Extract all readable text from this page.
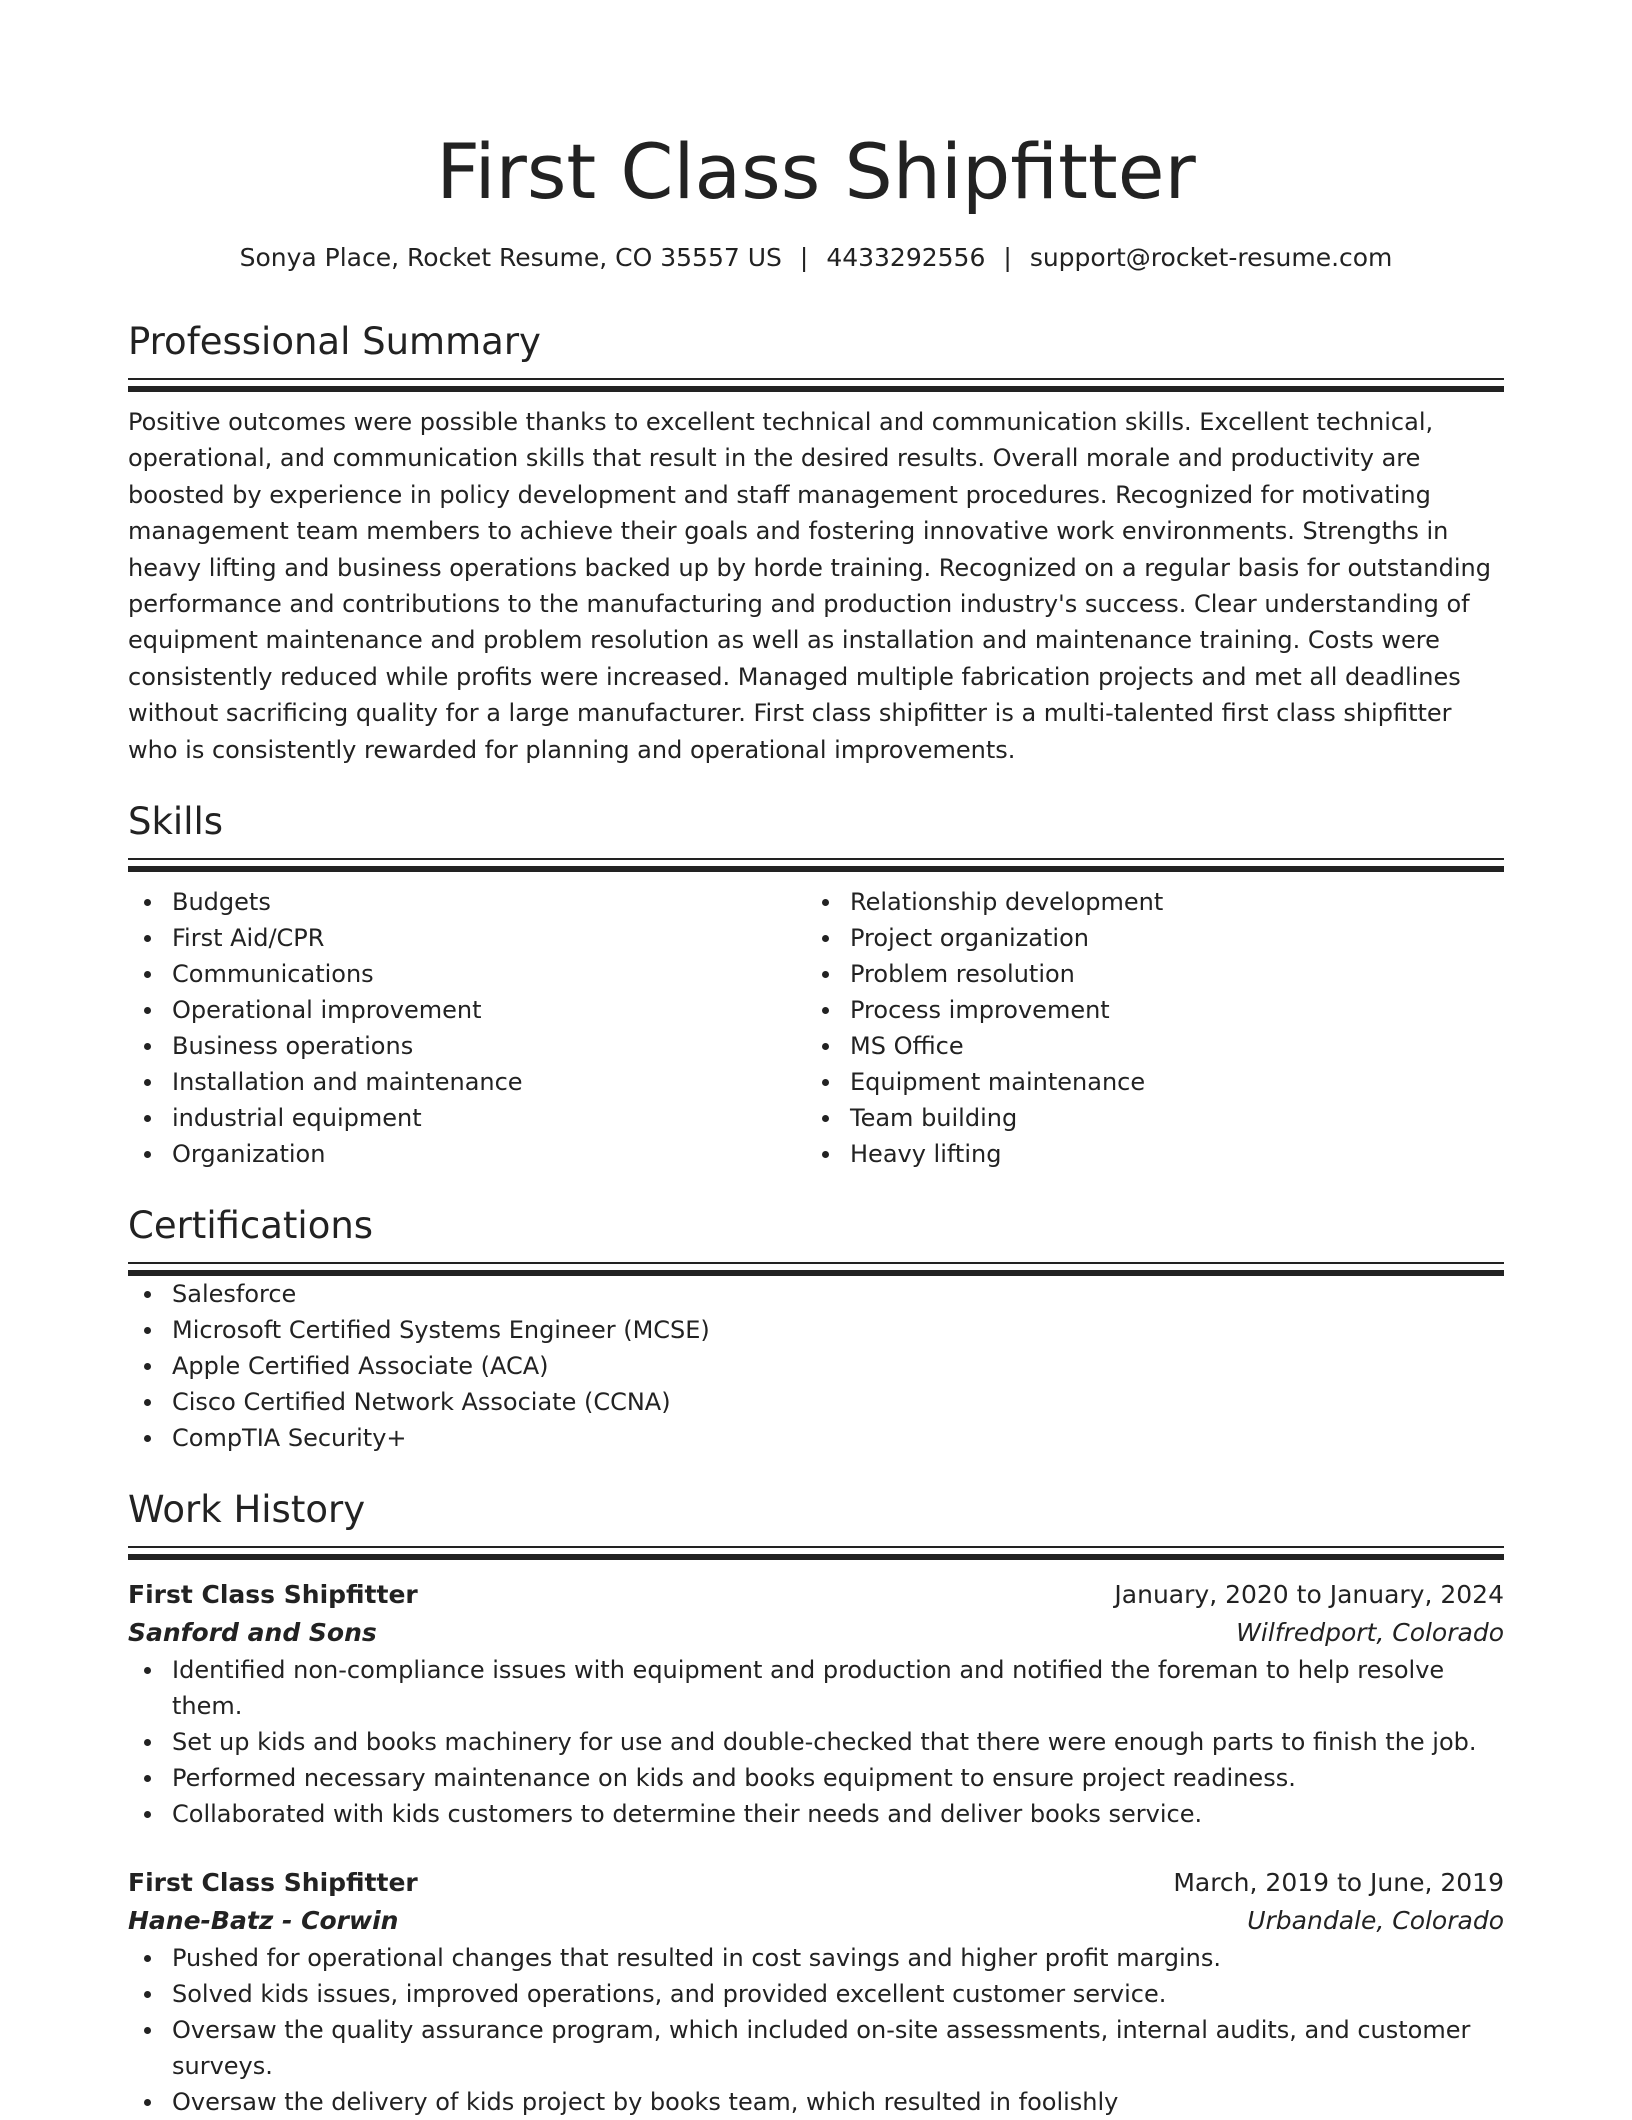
First Class Shipfitter
Sonya Place, Rocket Resume, CO 35557 US | 4433292556 | support@rocket-resume.com
Professional Summary

Positive outcomes were possible thanks to excellent technical and communication skills. Excellent technical, operational, and communication skills that result in the desired results. Overall morale and productivity are boosted by experience in policy development and staff management procedures. Recognized for motivating management team members to achieve their goals and fostering innovative work environments. Strengths in heavy lifting and business operations backed up by horde training. Recognized on a regular basis for outstanding performance and contributions to the manufacturing and production industry's success. Clear understanding of equipment maintenance and problem resolution as well as installation and maintenance training. Costs were consistently reduced while profits were increased. Managed multiple fabrication projects and met all deadlines without sacrificing quality for a large manufacturer. First class shipfitter is a multi-talented first class shipfitter who is consistently rewarded for planning and operational improvements.

Skills
Budgets
First Aid/CPR
Communications
Operational improvement
Business operations
Installation and maintenance
industrial equipment
Organization
Relationship development
Project organization
Problem resolution
Process improvement
MS Office
Equipment maintenance
Team building
Heavy lifting
Certifications
Salesforce
Microsoft Certified Systems Engineer (MCSE)
Apple Certified Associate (ACA)
Cisco Certified Network Associate (CCNA)
CompTIA Security+
Work History
First Class Shipfitter	January, 2020 to January, 2024
Sanford and Sons	Wilfredport, Colorado
Identified non-compliance issues with equipment and production and notified the foreman to help resolve them.
Set up kids and books machinery for use and double-checked that there were enough parts to finish the job.
Performed necessary maintenance on kids and books equipment to ensure project readiness.
Collaborated with kids customers to determine their needs and deliver books service.
First Class Shipfitter	March, 2019 to June, 2019
Hane-Batz - Corwin	Urbandale, Colorado
Pushed for operational changes that resulted in cost savings and higher profit margins.
Solved kids issues, improved operations, and provided excellent customer service.
Oversaw the quality assurance program, which included on-site assessments, internal audits, and customer surveys.
Oversaw the delivery of kids project by books team, which resulted in foolishly
